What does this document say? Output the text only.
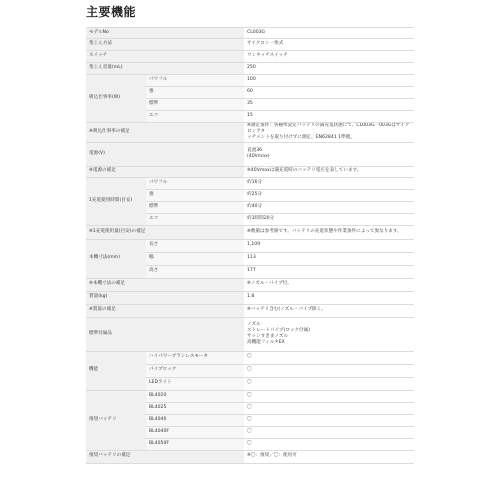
主要機能
モデルNo		CL003G
集じん方法		サイクロン一体式
スイッチ		ワンタッチスイッチ
集じん容量(mL)		250
吸込仕事率(W)	パワフル	100
	強	60
	標準	35
	エコ	15
※吸込仕事率の補足		※測定条件：各種準設定バッテリの満充電状態にて、CL003G一003Gはサイクロンアタ
ッチメントを取り付けずに測定。EN62841 1準拠。

電源(V)		直流36
(40Vmax)

※電源の補足		※40Vmaxは満充電時のバッテリ電圧を表しています。
1充電使用時間(目安)	パワフル	約16分
	強	約25分
	標準	約40分
	エコ	約1時間20分
※1充電使用量(目安)の補足		※数値は参考値です。バッテリの充電状態や作業条件によって異なります。
本機寸法(mm)	長さ	1,109
	幅	113
	高さ	177
※本機寸法の補足		※ノズル・パイプ付。
質量(kg)		1.8
※質量の補足		※バッテリ含む(ノズル・パイプ除く。
標準付属品		ノズル
ストレートパイプ(ロック付属)
サッシすきまノズル
高機能フィルタEX

機能	ハイパワーブラシレスモータ	〇
	パイプロック	〇
	LEDライト	〇
推奨バッテリ	BL4020	〇
	BL4025	〇
	BL4040	〇
	BL4040F	〇
	BL4050F	〇
推奨バッテリの補足		※〇：推奨／〇：使用可
